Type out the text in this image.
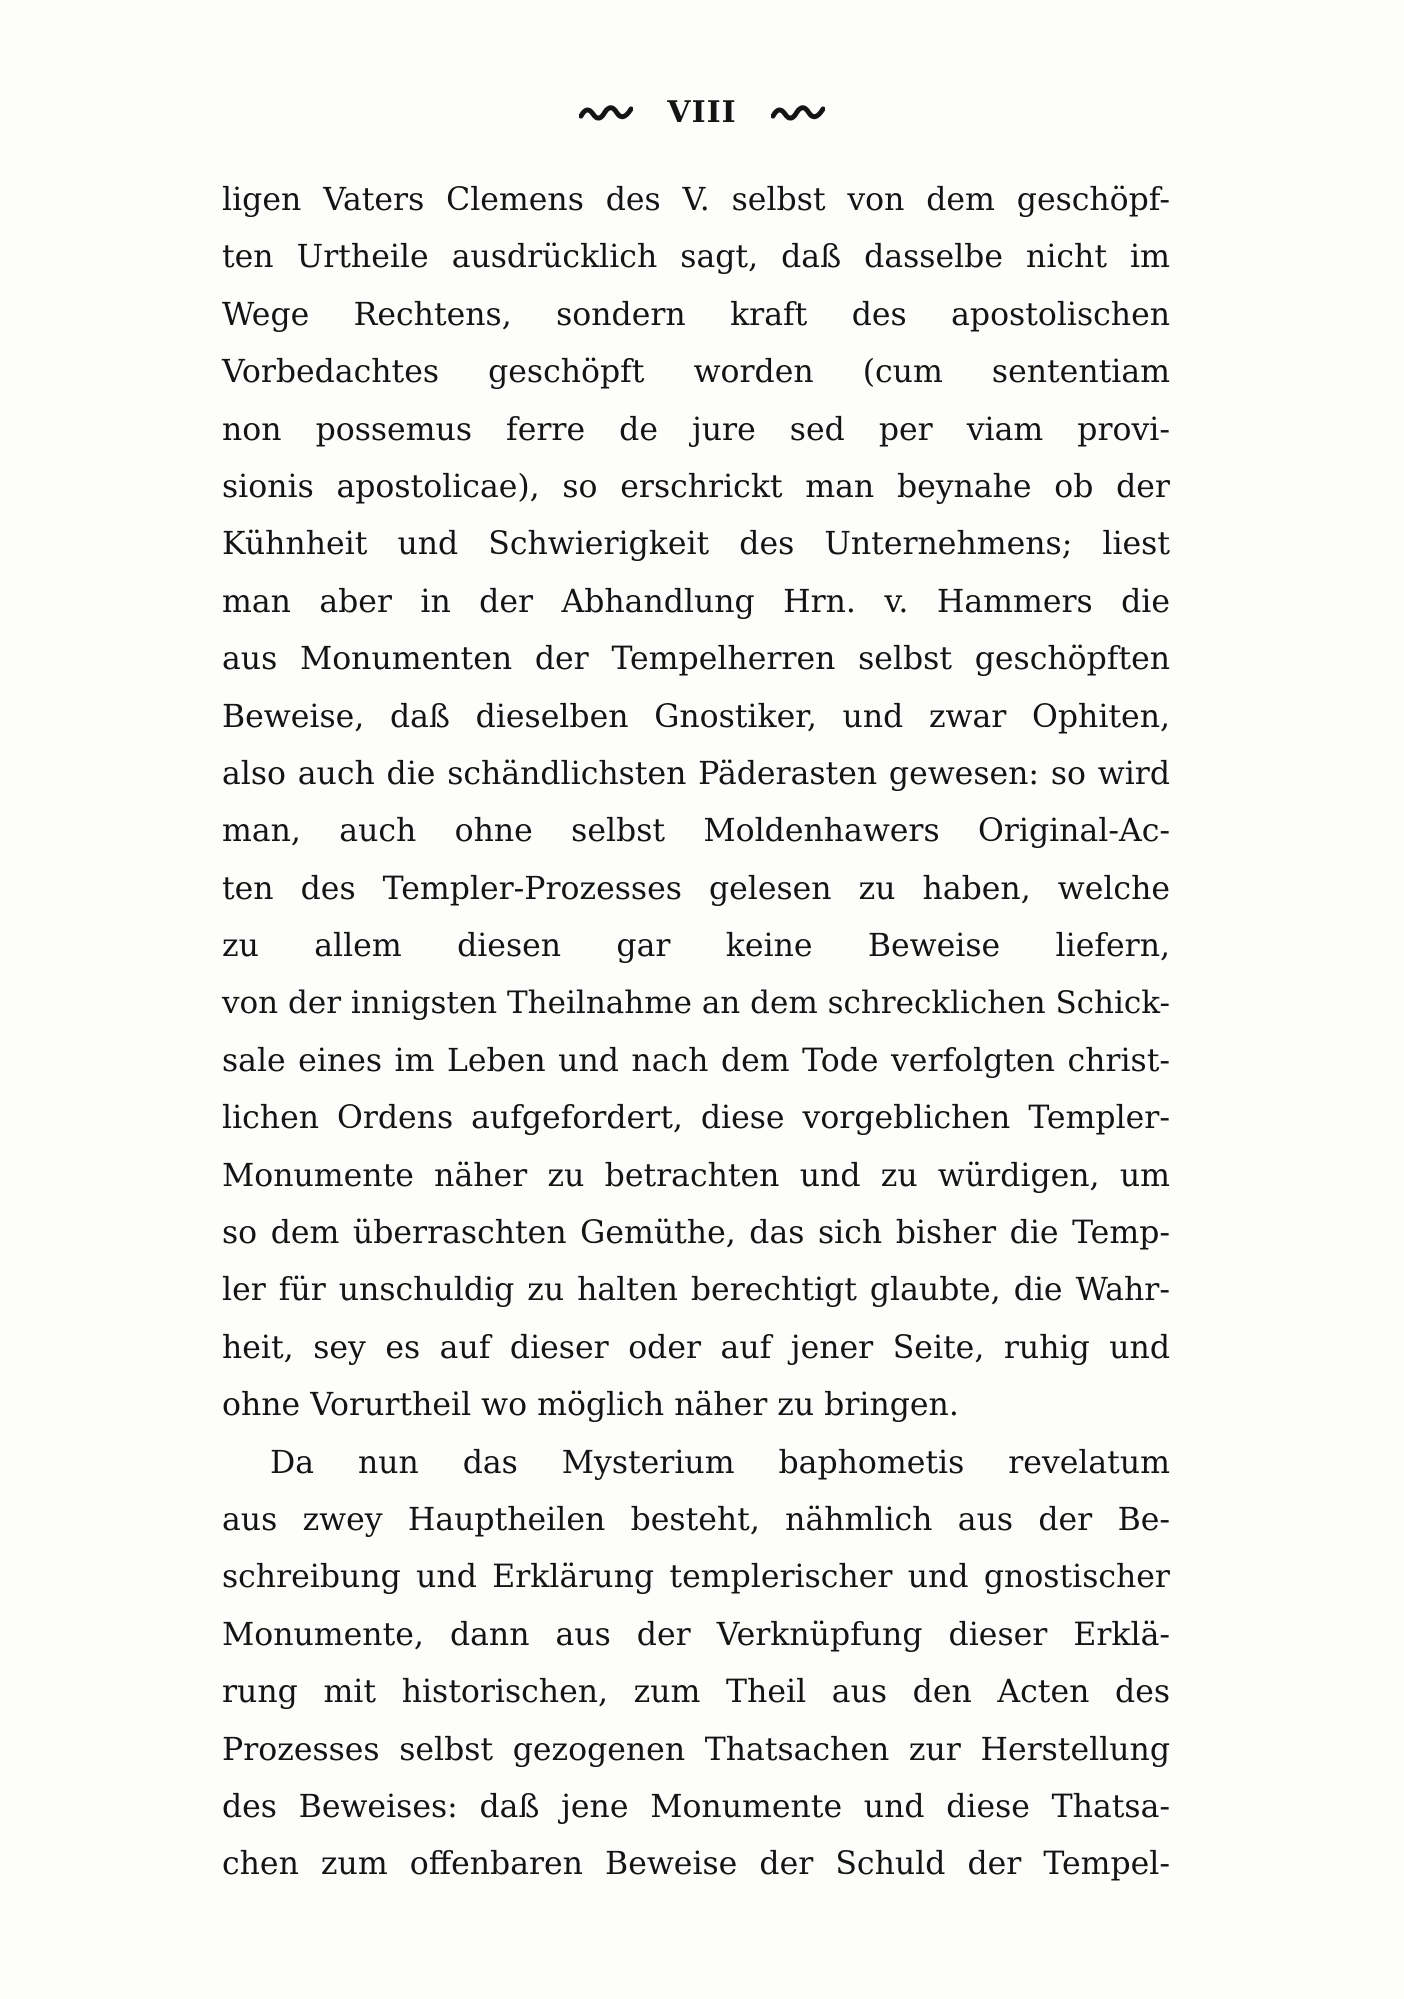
VIII
ligen Vaters Clemens des V. selbst von dem geschöpf-
ten Urtheile ausdrücklich sagt, daß dasselbe nicht im
Wege Rechtens, sondern kraft des apostolischen
Vorbedachtes geschöpft worden (cum sententiam
non possemus ferre de jure sed per viam provi-
sionis apostolicae), so erschrickt man beynahe ob der
Kühnheit und Schwierigkeit des Unternehmens; liest
man aber in der Abhandlung Hrn. v. Hammers die
aus Monumenten der Tempelherren selbst geschöpften
Beweise, daß dieselben Gnostiker, und zwar Ophiten,
also auch die schändlichsten Päderasten gewesen: so wird
man, auch ohne selbst Moldenhawers Original-Ac-
ten des Templer-Prozesses gelesen zu haben, welche
zu allem diesen gar keine Beweise liefern,
von der innigsten Theilnahme an dem schrecklichen Schick-
sale eines im Leben und nach dem Tode verfolgten christ-
lichen Ordens aufgefordert, diese vorgeblichen Templer-
Monumente näher zu betrachten und zu würdigen, um
so dem überraschten Gemüthe, das sich bisher die Temp-
ler für unschuldig zu halten berechtigt glaubte, die Wahr-
heit, sey es auf dieser oder auf jener Seite, ruhig und
ohne Vorurtheil wo möglich näher zu bringen.
Da nun das Mysterium baphometis revelatum
aus zwey Hauptheilen besteht, nähmlich aus der Be-
schreibung und Erklärung templerischer und gnostischer
Monumente, dann aus der Verknüpfung dieser Erklä-
rung mit historischen, zum Theil aus den Acten des
Prozesses selbst gezogenen Thatsachen zur Herstellung
des Beweises: daß jene Monumente und diese Thatsa-
chen zum offenbaren Beweise der Schuld der Tempel-
